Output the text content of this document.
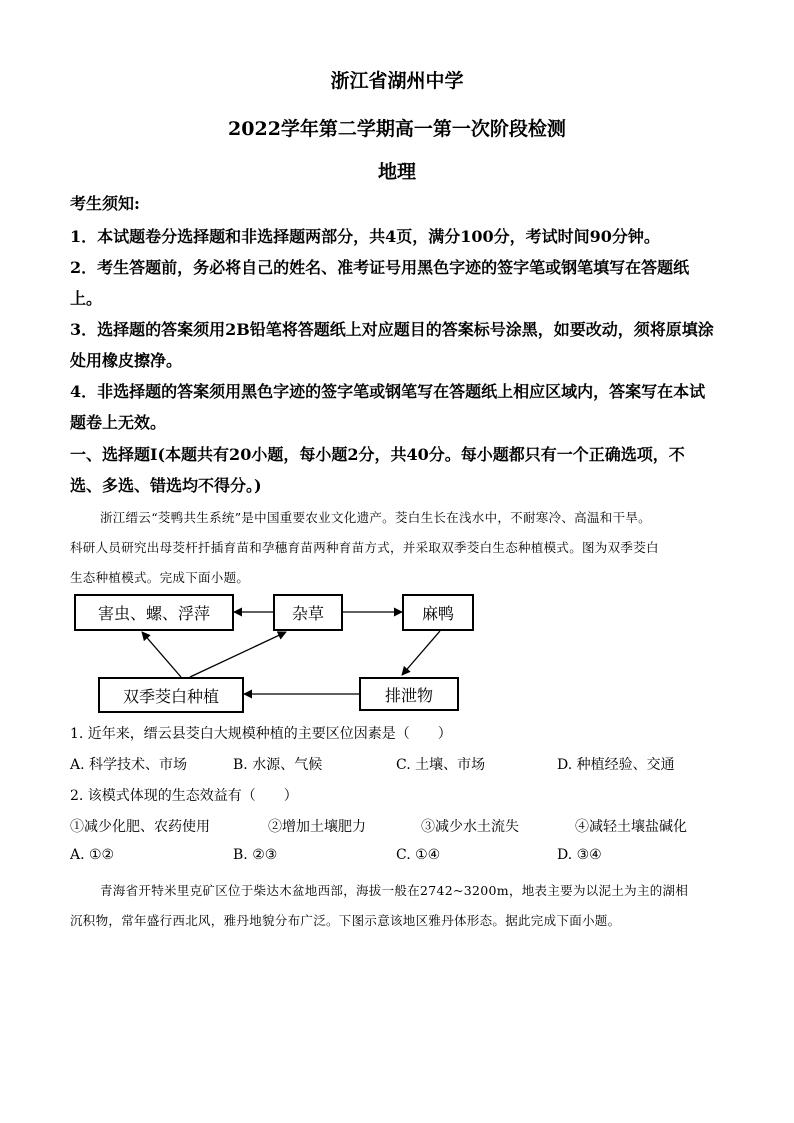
浙江省湖州中学
2022学年第二学期高一第一次阶段检测
地理
考生须知:
1．本试题卷分选择题和非选择题两部分，共4页，满分100分，考试时间90分钟。
2．考生答题前，务必将自己的姓名、准考证号用黑色字迹的签字笔或钢笔填写在答题纸
上。
3．选择题的答案须用2B铅笔将答题纸上对应题目的答案标号涂黑，如要改动，须将原填涂
处用橡皮擦净。
4．非选择题的答案须用黑色字迹的签字笔或钢笔写在答题纸上相应区域内，答案写在本试
题卷上无效。
一、选择题Ⅰ(本题共有20小题，每小题2分，共40分。每小题都只有一个正确选项，不
选、多选、错选均不得分。)
浙江缙云“茭鸭共生系统”是中国重要农业文化遗产。茭白生长在浅水中，不耐寒冷、高温和干旱。
科研人员研究出母茭杆扦插育苗和孕穗育苗两种育苗方式，并采取双季茭白生态种植模式。图为双季茭白
生态种植模式。完成下面小题。
害虫、螺、浮萍	杂草	麻鸭
排泄物
双季茭白种植
1. 近年来，缙云县茭白大规模种植的主要区位因素是（　　）
A. 科学技术、市场	B. 水源、气候	C. 土壤、市场	D. 种植经验、交通
2. 该模式体现的生态效益有（　　）
①减少化肥、农药使用	②增加土壤肥力	③减少水土流失	④减轻土壤盐碱化
A. ①②	B. ②③	C. ①④	D. ③④
青海省开特米里克矿区位于柴达木盆地西部，海拔一般在2742~3200m，地表主要为以泥土为主的湖相
沉积物，常年盛行西北风，雅丹地貌分布广泛。下图示意该地区雅丹体形态。据此完成下面小题。
